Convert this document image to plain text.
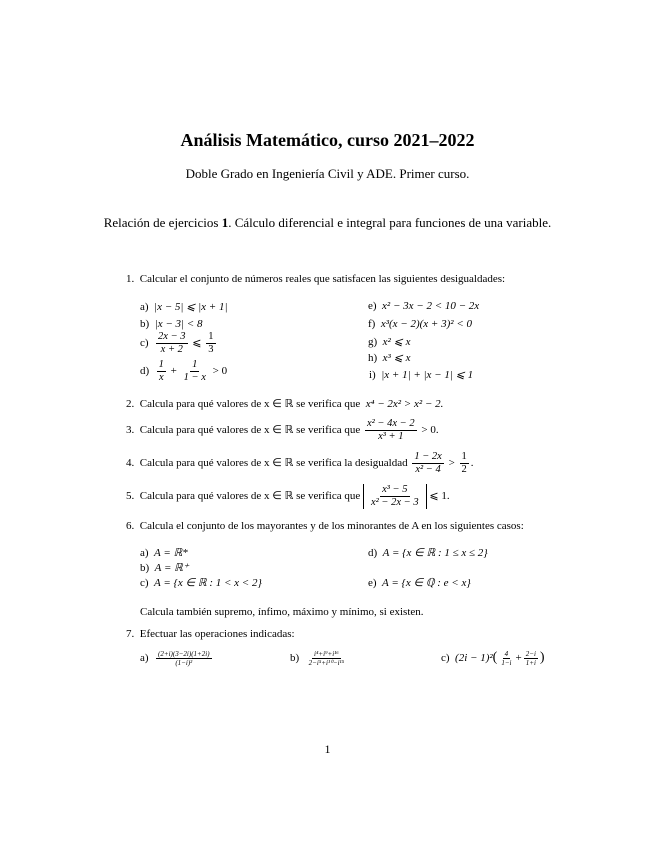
Análisis Matemático, curso 2021–2022
Doble Grado en Ingeniería Civil y ADE. Primer curso.
Relación de ejercicios 1. Cálculo diferencial e integral para funciones de una variable.
1. Calcular el conjunto de números reales que satisfacen las siguientes desigualdades:
a) |x − 5| ⩽ |x + 1|
b) |x − 3| < 8
$c) \frac{2x - 3}{x + 2}$ ⩽ $\frac{1}{3}$
$d) \frac{1}{x} + \frac{1}{1 - x} > 0$
e) x² − 3x − 2 < 10 − 2x
f) x³(x − 2)(x + 3)² < 0
g) x² ⩽ x
h) x³ ⩽ x
i) |x + 1| + |x − 1| ⩽ 1
2. Calcula para qué valores de x ∈ ℝ se verifica que x⁴ − 2x² > x² − 2.
3. Calcula para qué valores de x ∈ ℝ se verifica que $\frac{\text{x² − 4x − 2}}{\text{x³ + 1}} > 0$.
4. Calcula para qué valores de x ∈ ℝ se verifica la desigualdad $\frac{1 - 2x}{\text{x² − 4}} > \frac{1}{2}$ .
5. Calcula para qué valores de x ∈ ℝ se verifica que $\frac{\text{x³ − 5}}{\text{x² − 2x − 3}}$ ⩽ 1.
6. Calcula el conjunto de los mayorantes y de los minorantes de A en los siguientes casos:
a) A = ℝ*
b) A = ℝ⁺
c) A = {x ∈ ℝ : 1 < x < 2}
d) A = {x ∈ ℝ : 1 ≤ x ≤ 2}
e) A = {x ∈ ℚ : e < x}
Calcula también supremo, ínfimo, máximo y mínimo, si existen.
7. Efectuar las operaciones indicadas:
$a) \frac{(2+i)(3-2i)(1+2i)}{\text{(1−i)²}}$	$b) \frac{\text{i⁴+i⁹+i¹⁶}}{\text{2−i⁵+i¹⁰−i¹⁵}}$	c) $(2i - 1)^2( \frac{4}{1-i} + \frac{2-i}{1+i}$ )
1
